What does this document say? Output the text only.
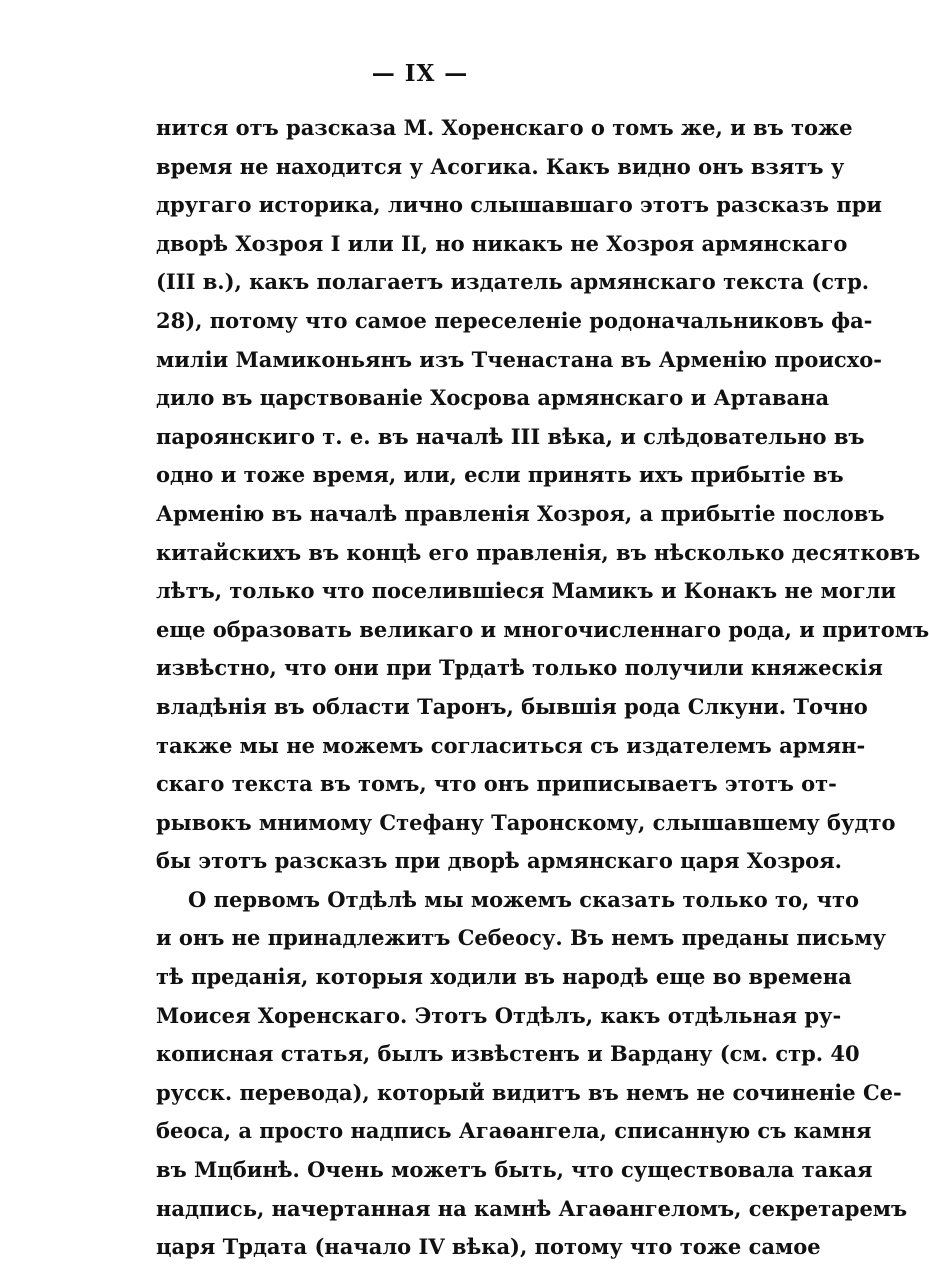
— IX —
нится отъ разсказа М. Хоренскаго о томъ же, и въ тоже
время не находится у Асогика. Какъ видно онъ взятъ у
другаго историка, лично слышавшаго этотъ разсказъ при
дворѣ Хозроя I или II, но никакъ не Хозроя армянскаго
(III в.), какъ полагаетъ издатель армянскаго текста (стр.
28), потому что самое переселеніе родоначальниковъ фа-
миліи Мамиконьянъ изъ Тченастана въ Арменію происхо-
дило въ царствованіе Хосрова армянскаго и Артавана
пароянскиго т. е. въ началѣ III вѣка, и слѣдовательно въ
одно и тоже время, или, если принять ихъ прибытіе въ
Арменію въ началѣ правленія Хозроя, а прибытіе пословъ
китайскихъ въ концѣ его правленія, въ нѣсколько десятковъ
лѣтъ, только что поселившіеся Мамикъ и Конакъ не могли
еще образовать великаго и многочисленнаго рода, и притомъ
извѣстно, что они при Трдатѣ только получили княжескія
владѣнія въ области Таронъ, бывшія рода Слкуни. Точно
также мы не можемъ согласиться съ издателемъ армян-
скаго текста въ томъ, что онъ приписываетъ этотъ от-
рывокъ мнимому Стефану Таронскому, слышавшему будто
бы этотъ разсказъ при дворѣ армянскаго царя Хозроя.
О первомъ Отдѣлѣ мы можемъ сказать только то, что
и онъ не принадлежитъ Себеосу. Въ немъ преданы письму
тѣ преданія, которыя ходили въ народѣ еще во времена
Моисея Хоренскаго. Этотъ Отдѣлъ, какъ отдѣльная ру-
кописная статья, былъ извѣстенъ и Вардану (см. стр. 40
русск. перевода), который видитъ въ немъ не сочиненіе Се-
беоса, а просто надпись Агаѳангела, списанную съ камня
въ Мцбинѣ. Очень можетъ быть, что существовала такая
надпись, начертанная на камнѣ Агаѳангеломъ, секретаремъ
царя Трдата (начало IV вѣка), потому что тоже самое
